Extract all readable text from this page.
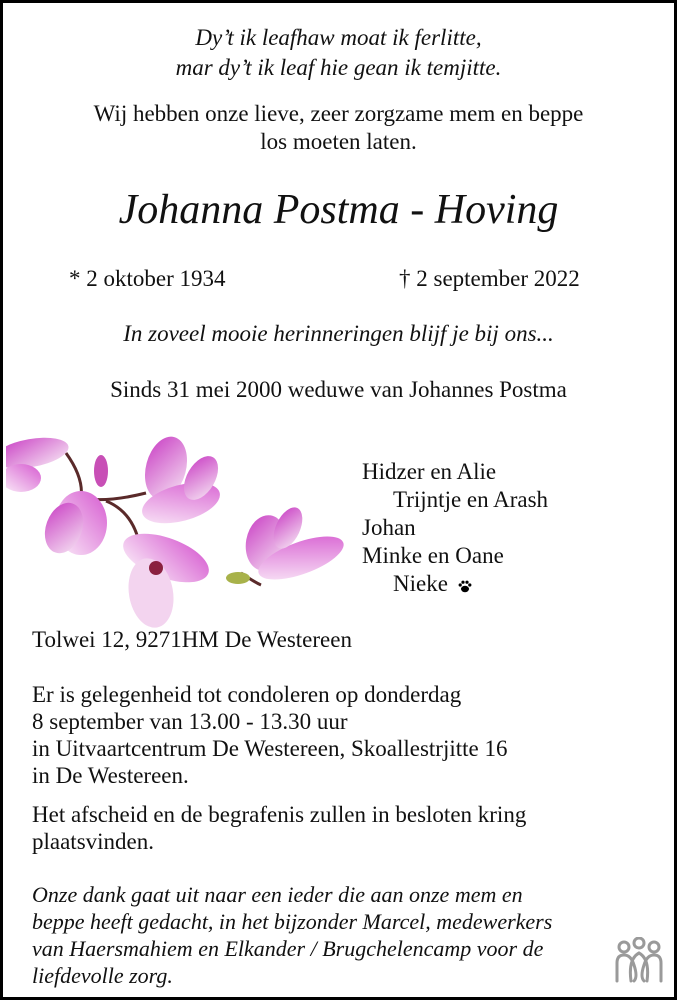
Dy’t ik leafhaw moat ik ferlitte,
mar dy’t ik leaf hie gean ik temjitte.
Wij hebben onze lieve, zeer zorgzame mem en beppe
los moeten laten.
Johanna Postma - Hoving
* 2 oktober 1934	† 2 september 2022
In zoveel mooie herinneringen blijf je bij ons...
Sinds 31 mei 2000 weduwe van Johannes Postma
Hidzer en Alie
Trijntje en Arash
Johan
Minke en Oane
Nieke
Tolwei 12, 9271HM De Westereen
Er is gelegenheid tot condoleren op donderdag
8 september van 13.00 - 13.30 uur
in Uitvaartcentrum De Westereen, Skoallestrjitte 16
in De Westereen.
Het afscheid en de begrafenis zullen in besloten kring
plaatsvinden.
Onze dank gaat uit naar een ieder die aan onze mem en
beppe heeft gedacht, in het bijzonder Marcel, medewerkers
van Haersmahiem en Elkander / Brugchelencamp voor de
liefdevolle zorg.
